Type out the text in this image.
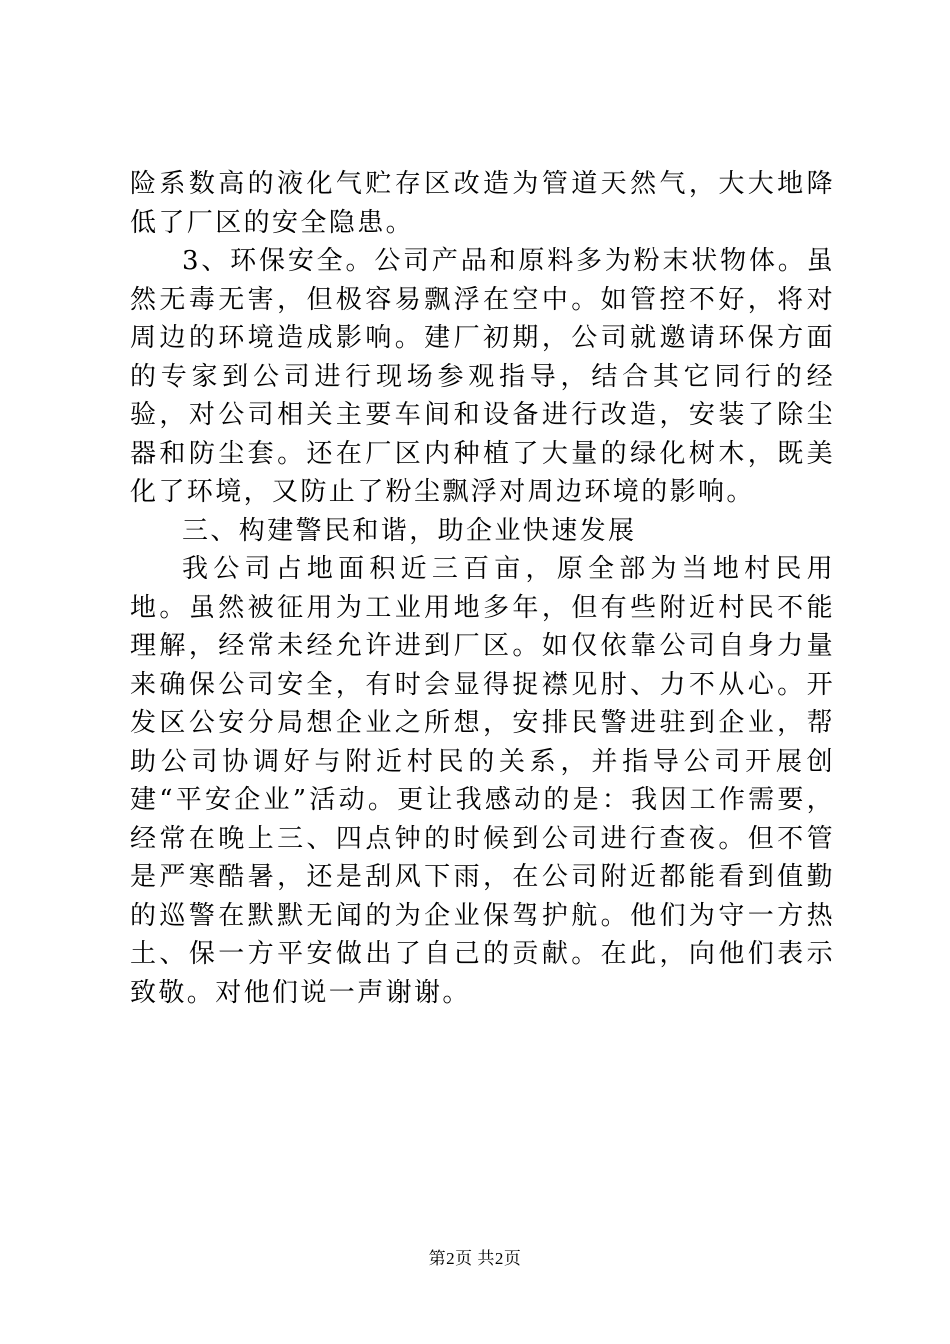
险系数高的液化气贮存区改造为管道天然气，大大地降低了厂区的安全隐患。

3、环保安全。公司产品和原料多为粉末状物体。虽然无毒无害，但极容易飘浮在空中。如管控不好，将对周边的环境造成影响。建厂初期，公司就邀请环保方面的专家到公司进行现场参观指导，结合其它同行的经验，对公司相关主要车间和设备进行改造，安装了除尘器和防尘套。还在厂区内种植了大量的绿化树木，既美化了环境，又防止了粉尘飘浮对周边环境的影响。

三、构建警民和谐，助企业快速发展

我公司占地面积近三百亩，原全部为当地村民用地。虽然被征用为工业用地多年，但有些附近村民不能理解，经常未经允许进到厂区。如仅依靠公司自身力量来确保公司安全，有时会显得捉襟见肘、力不从心。开发区公安分局想企业之所想，安排民警进驻到企业，帮助公司协调好与附近村民的关系，并指导公司开展创建“平安企业”活动。更让我感动的是：我因工作需要，经常在晚上三、四点钟的时候到公司进行查夜。但不管是严寒酷暑，还是刮风下雨，在公司附近都能看到值勤的巡警在默默无闻的为企业保驾护航。他们为守一方热土、保一方平安做出了自己的贡献。在此，向他们表示致敬。对他们说一声谢谢。

第2页 共2页
